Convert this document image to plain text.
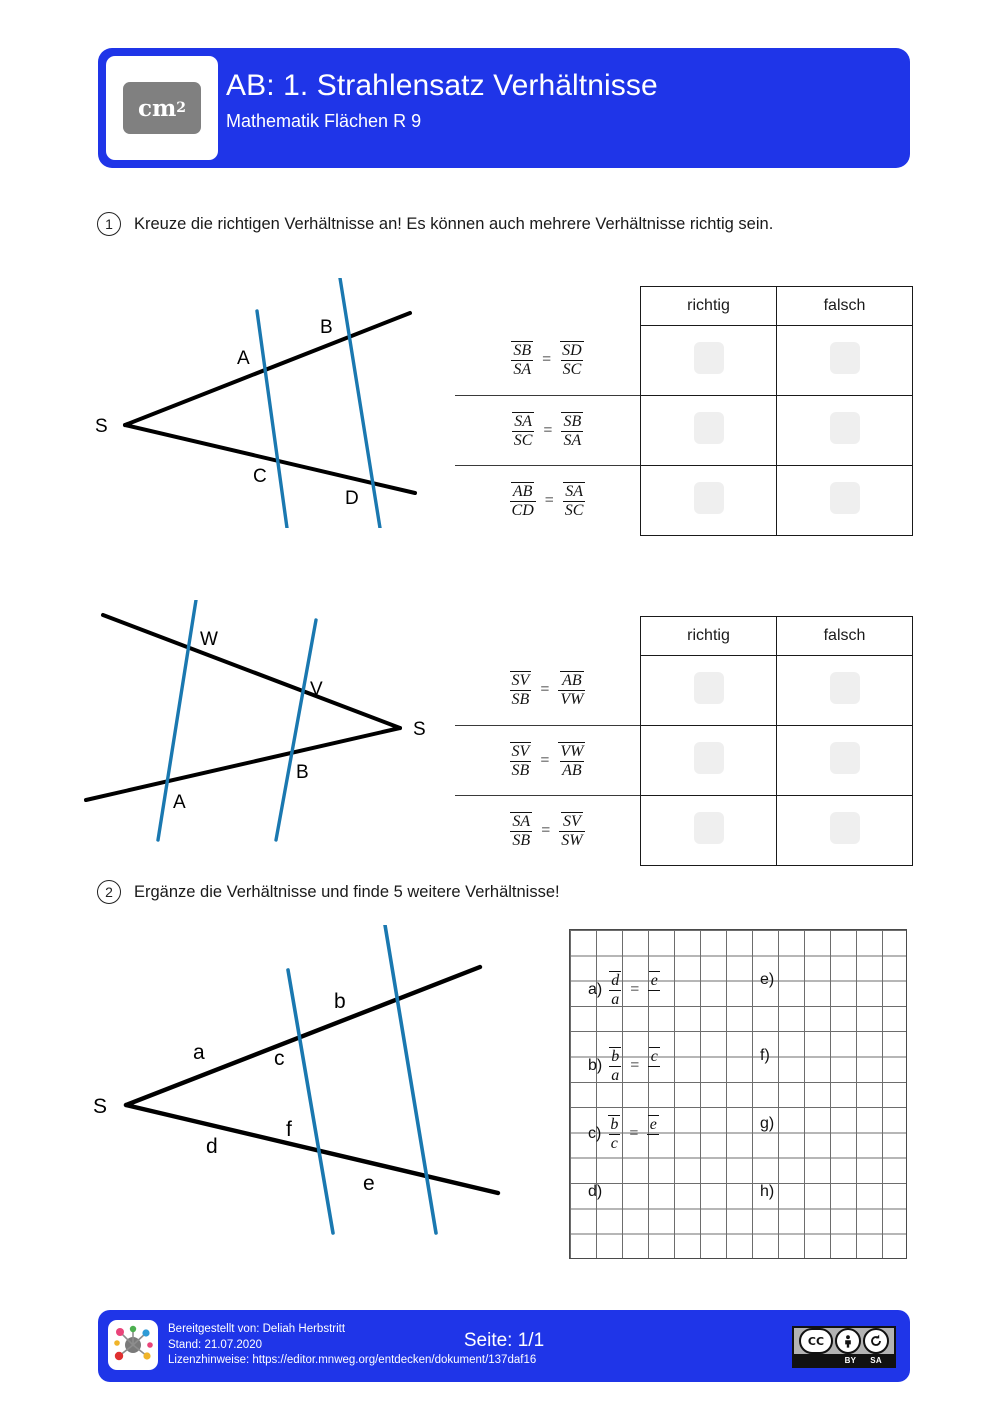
cm 2
AB: 1. Strahlensatz Verhältnisse
Mathematik Flächen R 9
1	Kreuze die richtigen Verhältnisse an! Es können auch mehrere Verhältnisse richtig sein.
S
A
B
C
D
	richtig	falsch

$\frac{SB}{SA} = \frac{SD}{SC}$

$\frac{SA}{SC} = \frac{SB}{SA}$

$\frac{AB}{CD} = \frac{SA}{SC}$

W
V
S
A
B
	richtig	falsch

$\frac{SV}{SB} = \frac{AB}{VW}$

$\frac{SV}{SB} = \frac{VW}{AB}$

$\frac{SA}{SB} = \frac{SV}{SW}$

2	Ergänze die Verhältnisse und finde 5 weitere Verhältnisse!
S
a
b
c
d
e
f
$a) \frac{d}{a}$ =
e

$b) \frac{b}{a}$ =
c

$c) \frac{b}{c}$ =
e

d)
e)
f)
g)
h)
Bereitgestellt von: Deliah Herbstritt
Stand: 21.07.2020
Lizenzhinweise: https://editor.mnweg.org/entdecken/dokument/137daf16
Seite: 1/1	CC
BY SA
